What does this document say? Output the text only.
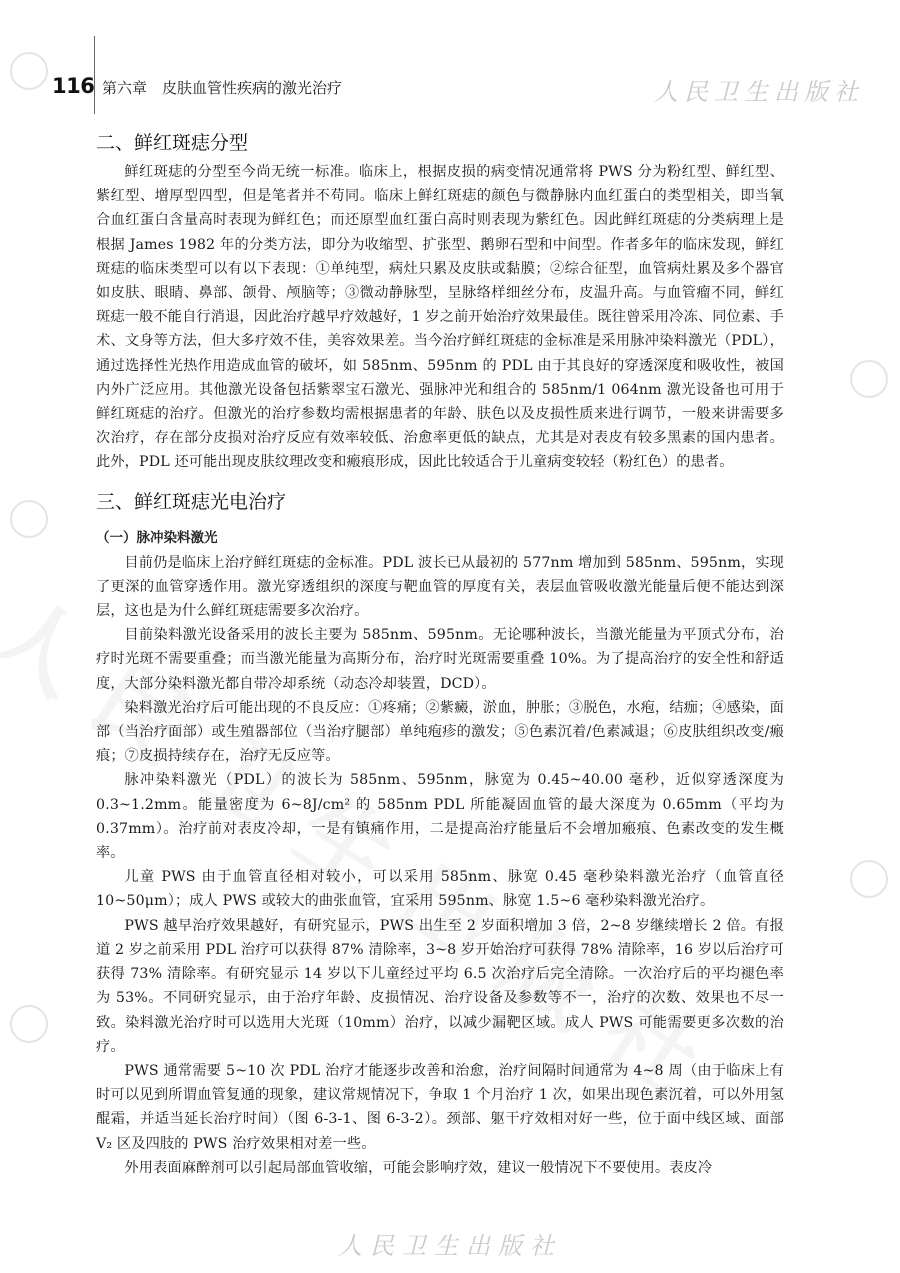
人民卫生出版社
116 第六章　皮肤血管性疾病的激光治疗
二、鲜红斑痣分型

鲜红斑痣的分型至今尚无统一标准。临床上，根据皮损的病变情况通常将 PWS 分为粉红型、鲜红型、紫红型、增厚型四型，但是笔者并不苟同。临床上鲜红斑痣的颜色与微静脉内血红蛋白的类型相关，即当氧合血红蛋白含量高时表现为鲜红色；而还原型血红蛋白高时则表现为紫红色。因此鲜红斑痣的分类病理上是根据 James 1982 年的分类方法，即分为收缩型、扩张型、鹅卵石型和中间型。作者多年的临床发现，鲜红斑痣的临床类型可以有以下表现：①单纯型，病灶只累及皮肤或黏膜；②综合征型，血管病灶累及多个器官如皮肤、眼睛、鼻部、颌骨、颅脑等；③微动静脉型，呈脉络样细丝分布，皮温升高。与血管瘤不同，鲜红斑痣一般不能自行消退，因此治疗越早疗效越好，1 岁之前开始治疗效果最佳。既往曾采用冷冻、同位素、手术、文身等方法，但大多疗效不佳，美容效果差。当今治疗鲜红斑痣的金标准是采用脉冲染料激光（PDL），通过选择性光热作用造成血管的破坏，如 585nm、595nm 的 PDL 由于其良好的穿透深度和吸收性，被国内外广泛应用。其他激光设备包括紫翠宝石激光、强脉冲光和组合的 585nm/1 064nm 激光设备也可用于鲜红斑痣的治疗。但激光的治疗参数均需根据患者的年龄、肤色以及皮损性质来进行调节，一般来讲需要多次治疗，存在部分皮损对治疗反应有效率较低、治愈率更低的缺点，尤其是对表皮有较多黑素的国内患者。此外，PDL 还可能出现皮肤纹理改变和瘢痕形成，因此比较适合于儿童病变较轻（粉红色）的患者。

三、鲜红斑痣光电治疗
（一）脉冲染料激光

目前仍是临床上治疗鲜红斑痣的金标准。PDL 波长已从最初的 577nm 增加到 585nm、595nm，实现了更深的血管穿透作用。激光穿透组织的深度与靶血管的厚度有关，表层血管吸收激光能量后便不能达到深层，这也是为什么鲜红斑痣需要多次治疗。

目前染料激光设备采用的波长主要为 585nm、595nm。无论哪种波长，当激光能量为平顶式分布，治疗时光斑不需要重叠；而当激光能量为高斯分布，治疗时光斑需要重叠 10%。为了提高治疗的安全性和舒适度，大部分染料激光都自带冷却系统（动态冷却装置，DCD）。

染料激光治疗后可能出现的不良反应：①疼痛；②紫癜，淤血，肿胀；③脱色，水疱，结痂；④感染，面部（当治疗面部）或生殖器部位（当治疗腿部）单纯疱疹的激发；⑤色素沉着/色素减退；⑥皮肤组织改变/瘢痕；⑦皮损持续存在，治疗无反应等。

脉冲染料激光（PDL）的波长为 585nm、595nm，脉宽为 0.45~40.00 毫秒，近似穿透深度为 0.3~1.2mm。能量密度为 6~8J/cm² 的 585nm PDL 所能凝固血管的最大深度为 0.65mm（平均为 0.37mm）。治疗前对表皮冷却，一是有镇痛作用，二是提高治疗能量后不会增加瘢痕、色素改变的发生概率。

儿童 PWS 由于血管直径相对较小，可以采用 585nm、脉宽 0.45 毫秒染料激光治疗（血管直径 10~50μm）；成人 PWS 或较大的曲张血管，宜采用 595nm、脉宽 1.5~6 毫秒染料激光治疗。

PWS 越早治疗效果越好，有研究显示，PWS 出生至 2 岁面积增加 3 倍，2~8 岁继续增长 2 倍。有报道 2 岁之前采用 PDL 治疗可以获得 87% 清除率，3~8 岁开始治疗可获得 78% 清除率，16 岁以后治疗可获得 73% 清除率。有研究显示 14 岁以下儿童经过平均 6.5 次治疗后完全清除。一次治疗后的平均褪色率为 53%。不同研究显示，由于治疗年龄、皮损情况、治疗设备及参数等不一，治疗的次数、效果也不尽一致。染料激光治疗时可以选用大光斑（10mm）治疗，以减少漏靶区域。成人 PWS 可能需要更多次数的治疗。

PWS 通常需要 5~10 次 PDL 治疗才能逐步改善和治愈，治疗间隔时间通常为 4~8 周（由于临床上有时可以见到所谓血管复通的现象，建议常规情况下，争取 1 个月治疗 1 次，如果出现色素沉着，可以外用氢醌霜，并适当延长治疗时间）（图 6-3-1、图 6-3-2）。颈部、躯干疗效相对好一些，位于面中线区域、面部 V₂ 区及四肢的 PWS 治疗效果相对差一些。

外用表面麻醉剂可以引起局部血管收缩，可能会影响疗效，建议一般情况下不要使用。表皮冷

人民卫生出版社
